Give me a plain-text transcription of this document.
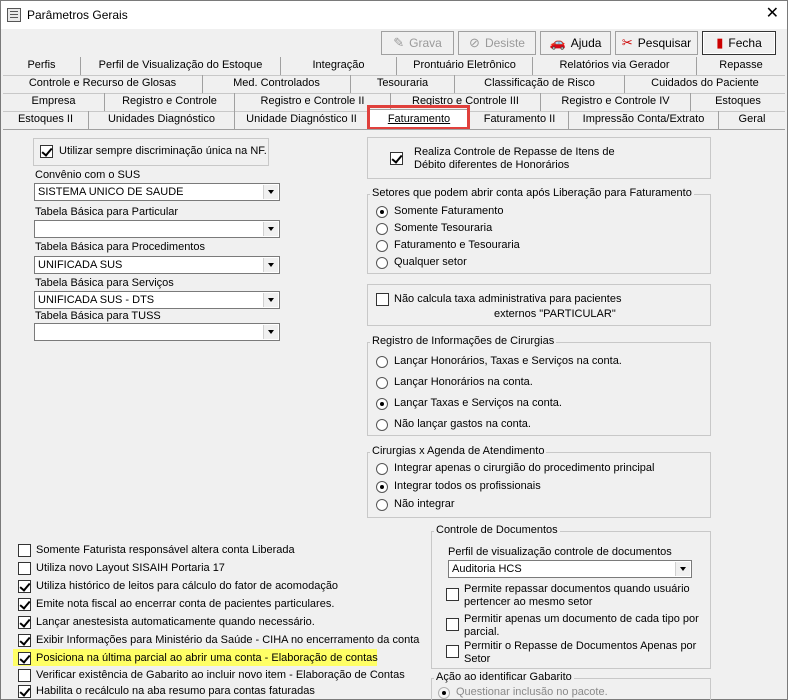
Parâmetros Gerais	✕
✎ Grava ⊘ Desiste 🚗 Ajuda ✂ Pesquisar ▮ Fecha
Perfis	Perfil de Visualização do Estoque	Integração	Prontuário Eletrônico	Relatórios via Gerador	Repasse
Controle e Recurso de Glosas	Med. Controlados	Tesouraria	Classificação de Risco	Cuidados do Paciente
Empresa	Registro e Controle	Registro e Controle II	Registro e Controle III	Registro e Controle IV	Estoques
Estoques II	Unidades Diagnóstico	Unidade Diagnóstico II	Faturamento	Faturamento II	Impressão Conta/Extrato	Geral
Utilizar sempre discriminação única na NF.
Convênio com o SUS
SISTEMA UNICO DE SAUDE
Tabela Básica para Particular
Tabela Básica para Procedimentos
UNIFICADA SUS
Tabela Básica para Serviços
UNIFICADA SUS - DTS
Tabela Básica para TUSS
Somente Faturista responsável altera conta Liberada
Utiliza novo Layout SISAIH Portaria 17
Utiliza histórico de leitos para cálculo do fator de acomodação
Emite nota fiscal ao encerrar conta de pacientes particulares.
Lançar anestesista automaticamente quando necessário.
Exibir Informações para Ministério da Saúde - CIHA no encerramento da conta
Posiciona na última parcial ao abrir uma conta - Elaboração de contas
Verificar existência de Gabarito ao incluir novo item - Elaboração de Contas
Habilita o recálculo na aba resumo para contas faturadas
Realiza Controle de Repasse de Itens de
Débito diferentes de Honorários
Setores que podem abrir conta após Liberação para Faturamento
Somente Faturamento
Somente Tesouraria
Faturamento e Tesouraria
Qualquer setor
Não calcula taxa administrativa para pacientes
externos "PARTICULAR"
Registro de Informações de Cirurgias
Lançar Honorários, Taxas e Serviços na conta.
Lançar Honorários na conta.
Lançar Taxas e Serviços na conta.
Não lançar gastos na conta.
Cirurgias x Agenda de Atendimento
Integrar apenas o cirurgião do procedimento principal
Integrar todos os profissionais
Não integrar
Controle de Documentos
Perfil de visualização controle de documentos
Auditoria HCS
Permite repassar documentos quando usuário
pertencer ao mesmo setor
Permitir apenas um documento de cada tipo por
parcial.
Permitir o Repasse de Documentos Apenas por
Setor
Ação ao identificar Gabarito
Questionar inclusão no pacote.
